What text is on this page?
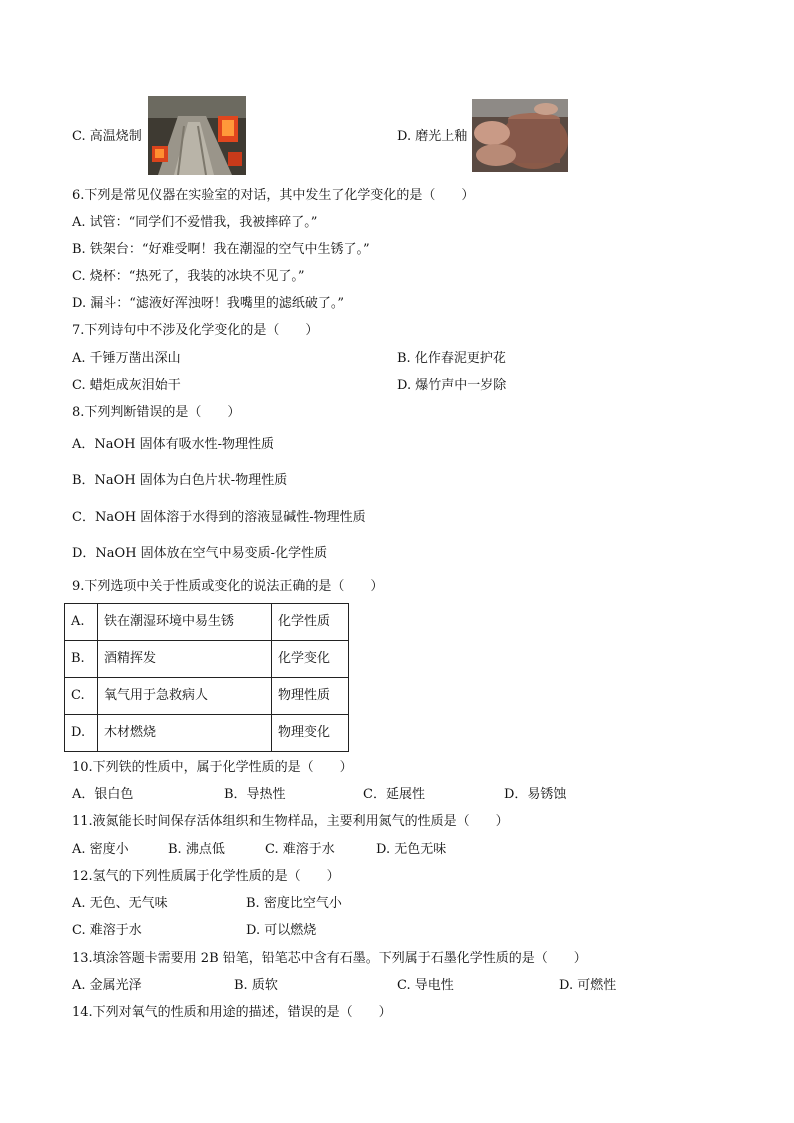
C. 高温烧制	D. 磨光上釉
6.下列是常见仪器在实验室的对话，其中发生了化学变化的是（　　）
A. 试管：“同学们不爱惜我，我被摔碎了。”
B. 铁架台：“好难受啊！我在潮湿的空气中生锈了。”
C. 烧杯：“热死了，我装的冰块不见了。”
D. 漏斗：“滤液好浑浊呀！我嘴里的滤纸破了。”
7.下列诗句中不涉及化学变化的是（　　）
A. 千锤万凿出深山	B. 化作春泥更护花
C. 蜡炬成灰泪始干	D. 爆竹声中一岁除
8.下列判断错误的是（　　）
A．NaOH 固体有吸水性-物理性质
B．NaOH 固体为白色片状-物理性质
C．NaOH 固体溶于水得到的溶液显碱性-物理性质
D．NaOH 固体放在空气中易变质-化学性质
9.下列选项中关于性质或变化的说法正确的是（　　）
A.	铁在潮湿环境中易生锈	化学性质
B.	酒精挥发	化学变化
C.	氧气用于急救病人	物理性质
D.	木材燃烧	物理变化
10.下列铁的性质中，属于化学性质的是（　　）
A．银白色	B．导热性	C．延展性	D．易锈蚀
11.液氮能长时间保存活体组织和生物样品，主要利用氮气的性质是（　　）
A. 密度小	B. 沸点低	C. 难溶于水	D. 无色无味
12.氢气的下列性质属于化学性质的是（　　）
A. 无色、无气味	B. 密度比空气小
C. 难溶于水	D. 可以燃烧
13.填涂答题卡需要用 2B 铅笔，铅笔芯中含有石墨。下列属于石墨化学性质的是（　　）
A. 金属光泽	B. 质软	C. 导电性	D. 可燃性
14.下列对氧气的性质和用途的描述，错误的是（　　）
